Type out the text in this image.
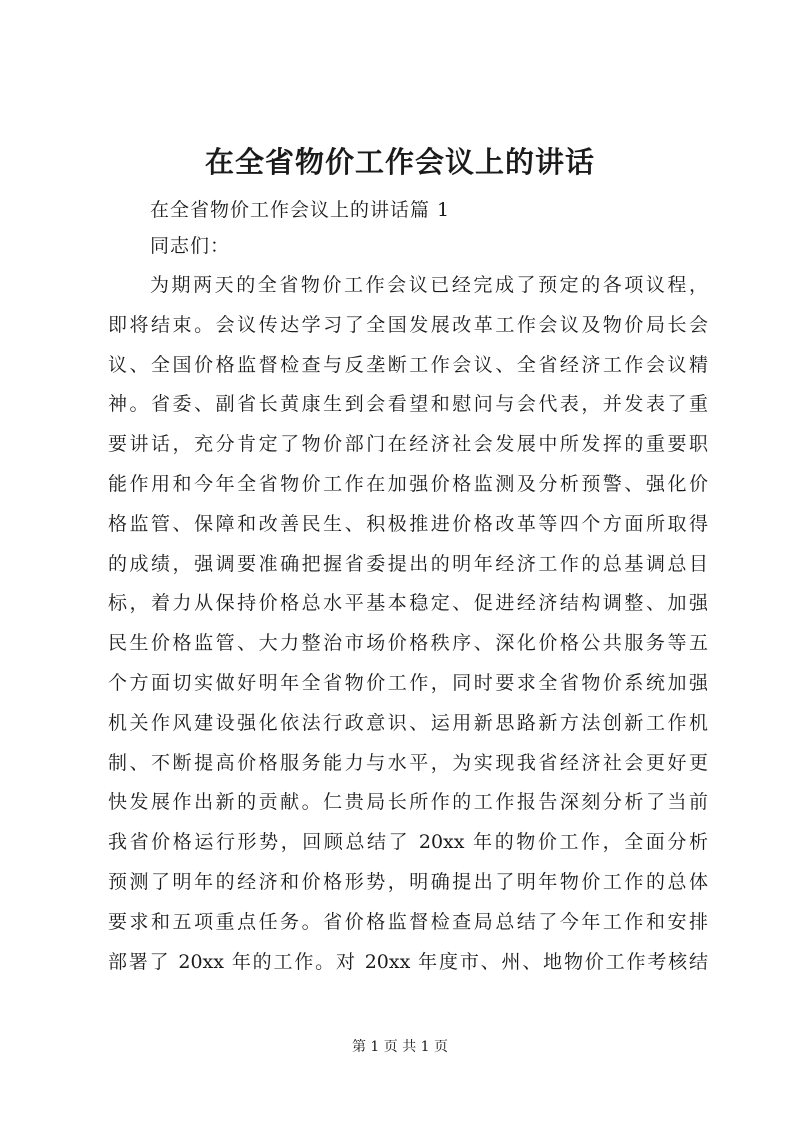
在全省物价工作会议上的讲话
在全省物价工作会议上的讲话篇 1
同志们：
为期两天的全省物价工作会议已经完成了预定的各项议程，
即将结束。会议传达学习了全国发展改革工作会议及物价局长会
议、全国价格监督检查与反垄断工作会议、全省经济工作会议精
神。省委、副省长黄康生到会看望和慰问与会代表，并发表了重
要讲话，充分肯定了物价部门在经济社会发展中所发挥的重要职
能作用和今年全省物价工作在加强价格监测及分析预警、强化价
格监管、保障和改善民生、积极推进价格改革等四个方面所取得
的成绩，强调要准确把握省委提出的明年经济工作的总基调总目
标，着力从保持价格总水平基本稳定、促进经济结构调整、加强
民生价格监管、大力整治市场价格秩序、深化价格公共服务等五
个方面切实做好明年全省物价工作，同时要求全省物价系统加强
机关作风建设强化依法行政意识、运用新思路新方法创新工作机
制、不断提高价格服务能力与水平，为实现我省经济社会更好更
快发展作出新的贡献。仁贵局长所作的工作报告深刻分析了当前
我省价格运行形势，回顾总结了 20xx 年的物价工作，全面分析
预测了明年的经济和价格形势，明确提出了明年物价工作的总体
要求和五项重点任务。省价格监督检查局总结了今年工作和安排
部署了 20xx 年的工作。对 20xx 年度市、州、地物价工作考核结
第 1 页 共 1 页
